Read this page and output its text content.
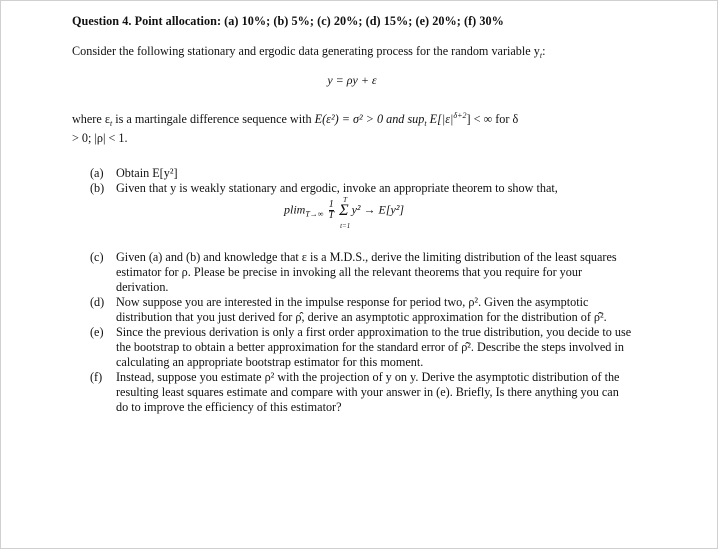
Question 4. Point allocation: (a) 10%; (b) 5%; (c) 20%; (d) 15%; (e) 20%; (f) 30%

Consider the following stationary and ergodic data generating process for the random variable $y_t$:

y = ρy + ε

where $\varepsilon_t$ is a martingale difference sequence with E(ε²) = σ² > 0 and sup$_t$ $E[|\varepsilon|^{\delta+2}]$ < ∞ for δ
> 0; |ρ| < 1.

(a) Obtain E[y²]
(b) Given that y is weakly stationary and ergodic, invoke an appropriate theorem to show that,
$plim_{T\to\infty} \frac{1}{T}$ Σ
T
t=1
y² → E[y²]
(c) Given (a) and (b) and knowledge that ε is a M.D.S., derive the limiting distribution of the least squares estimator for ρ. Please be precise in invoking all the relevant theorems that you require for your derivation.
(d) Now suppose you are interested in the impulse response for period two, ρ². Given the asymptotic distribution that you just derived for ρ̂, derive an asymptotic approximation for the distribution of ρ̂².
(e) Since the previous derivation is only a first order approximation to the true distribution, you decide to use the bootstrap to obtain a better approximation for the standard error of ρ̂². Describe the steps involved in calculating an appropriate bootstrap estimator for this moment.
(f) Instead, suppose you estimate ρ² with the projection of y on y. Derive the asymptotic distribution of the resulting least squares estimate and compare with your answer in (e). Briefly, Is there anything you can do to improve the efficiency of this estimator?
